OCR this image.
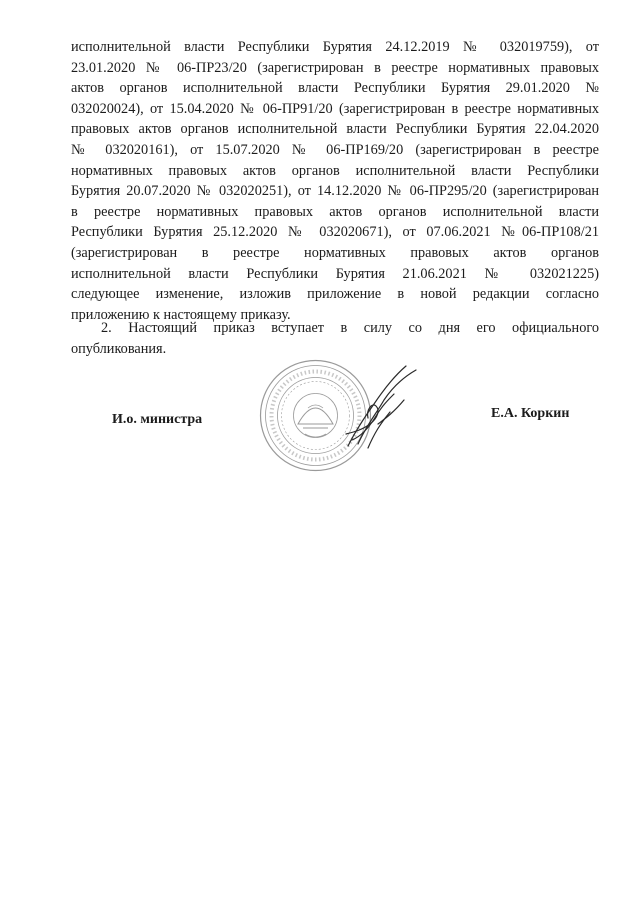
исполнительной власти Республики Бурятия 24.12.2019 № 032019759), от
23.01.2020 № 06-ПР23/20 (зарегистрирован в реестре нормативных правовых
актов органов исполнительной власти Республики Бурятия 29.01.2020 №
032020024), от 15.04.2020 № 06-ПР91/20 (зарегистрирован в реестре нормативных
правовых актов органов исполнительной власти Республики Бурятия 22.04.2020
№ 032020161), от 15.07.2020 № 06-ПР169/20 (зарегистрирован в реестре
нормативных правовых актов органов исполнительной власти Республики
Бурятия 20.07.2020 № 032020251), от 14.12.2020 № 06-ПР295/20 (зарегистрирован
в реестре нормативных правовых актов органов исполнительной власти
Республики Бурятия 25.12.2020 № 032020671), от 07.06.2021 №06-ПР108/21
(зарегистрирован в реестре нормативных правовых актов органов
исполнительной власти Республики Бурятия 21.06.2021 № 032021225)
следующее изменение, изложив приложение в новой редакции согласно
приложению к настоящему приказу.
2. Настоящий приказ вступает в силу со дня его официального
опубликования.
И.о. министра	Е.А. Коркин
